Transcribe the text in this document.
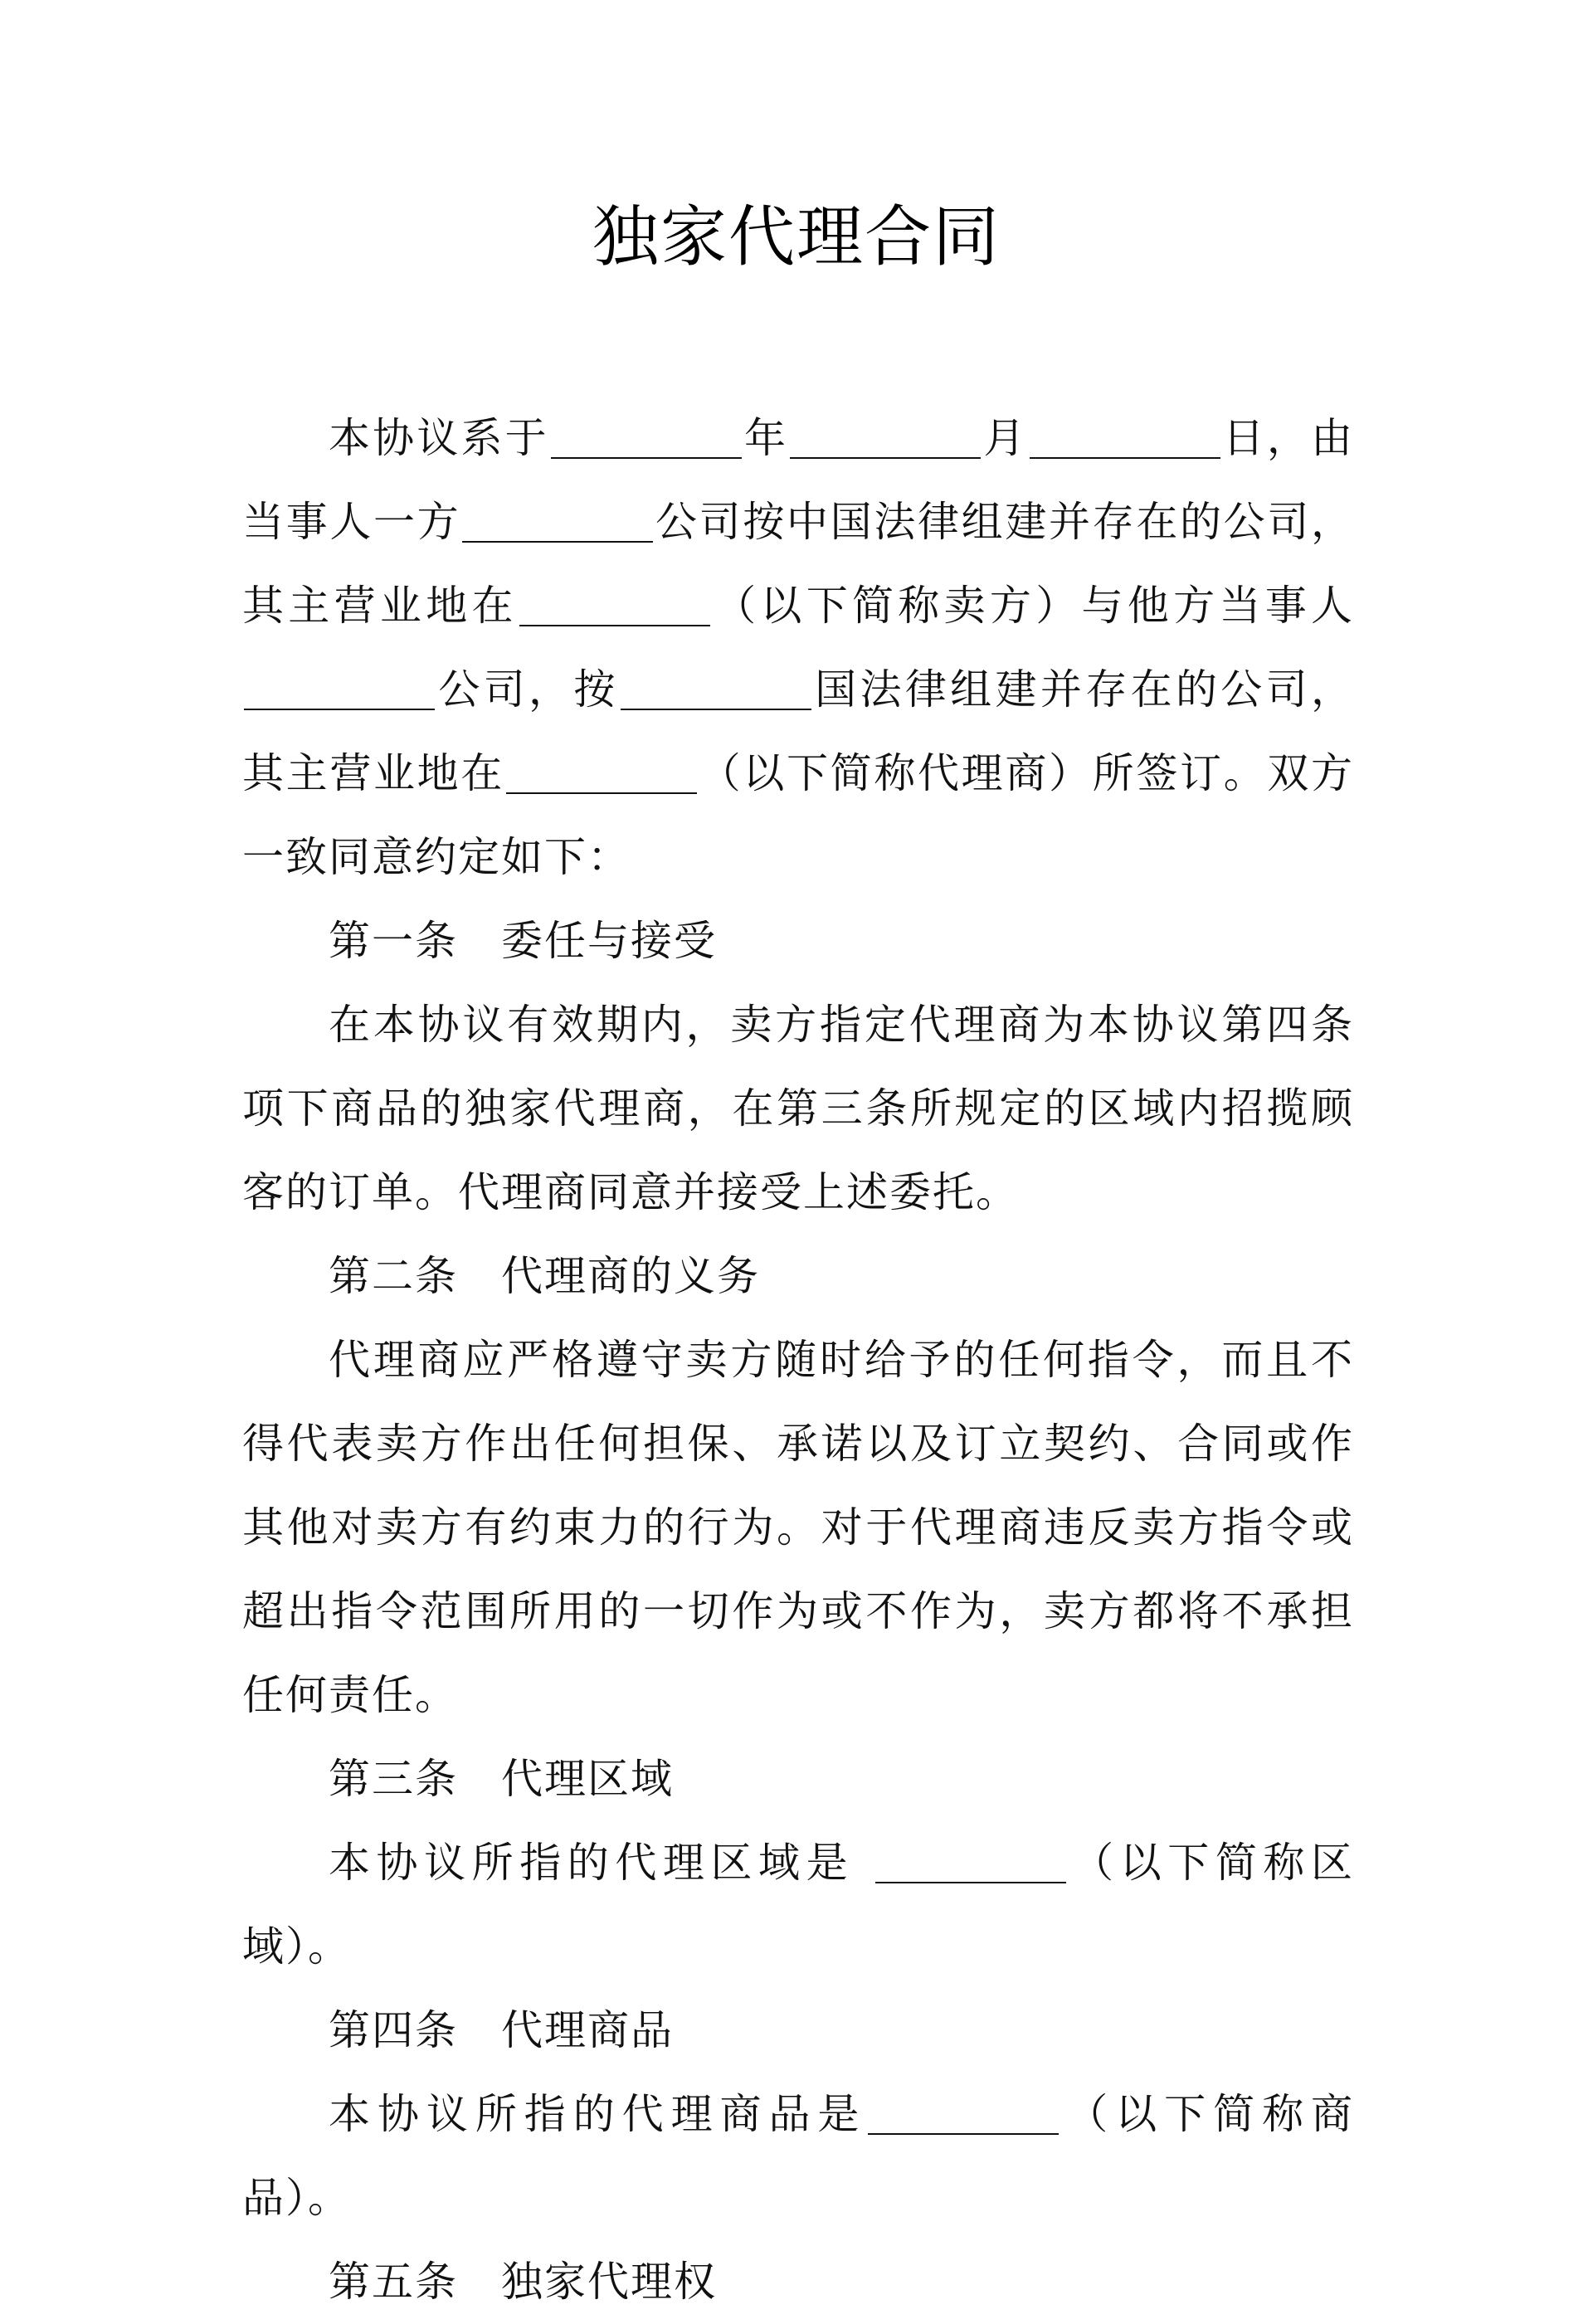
独家代理合同

本协议系于	年	月	日，由当事人一方	公司按中国法律组建并存在的公司，其主营业地在	（以下简称卖方）与他方当事人公司，按	国法律组建并存在的公司，其主营业地在	（以下简称代理商）所签订。双方一致同意约定如下：

第一条　委任与接受

在本协议有效期内，卖方指定代理商为本协议第四条项下商品的独家代理商，在第三条所规定的区域内招揽顾客的订单。代理商同意并接受上述委托。

第二条　代理商的义务

代理商应严格遵守卖方随时给予的任何指令，而且不得代表卖方作出任何担保、承诺以及订立契约、合同或作其他对卖方有约束力的行为。对于代理商违反卖方指令或超出指令范围所用的一切作为或不作为，卖方都将不承担任何责任。

第三条　代理区域

本协议所指的代理区域是	（以下简称区域）。

第四条　代理商品

本协议所指的代理商品是	（以下简称商品）。

第五条　独家代理权
